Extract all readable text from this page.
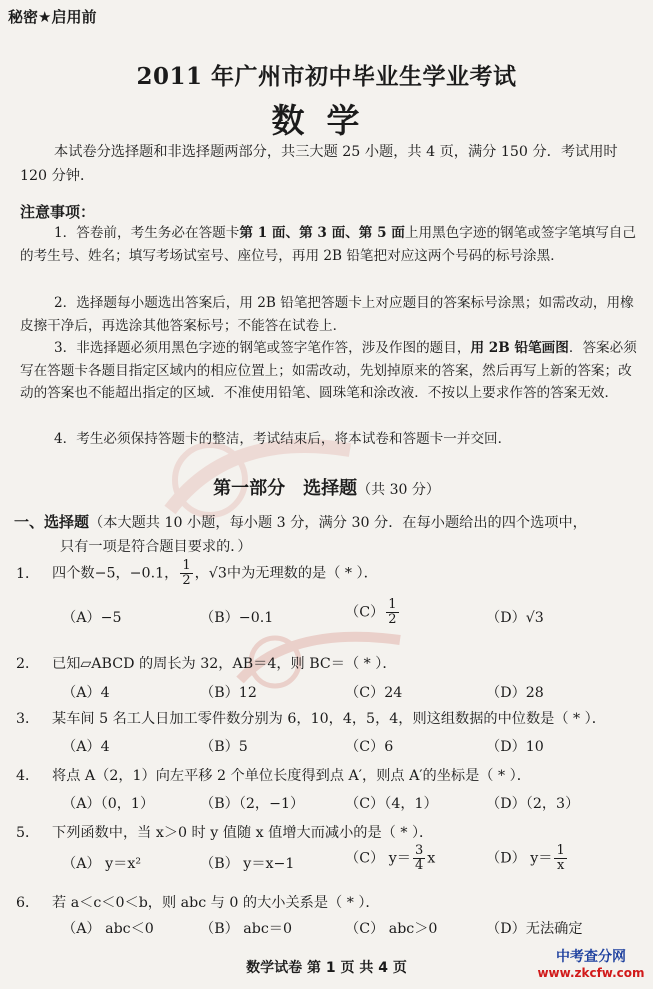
秘密★启用前
2011 年广州市初中毕业生学业考试
数学
本试卷分选择题和非选择题两部分，共三大题 25 小题，共 4 页，满分 150 分．考试用时 120 分钟．
注意事项：
1．答卷前，考生务必在答题卡第 1 面、第 3 面、第 5 面上用黑色字迹的钢笔或签字笔填写自己的考生号、姓名；填写考场试室号、座位号，再用 2B 铅笔把对应这两个号码的标号涂黑．
2．选择题每小题选出答案后，用 2B 铅笔把答题卡上对应题目的答案标号涂黑；如需改动，用橡皮擦干净后，再选涂其他答案标号；不能答在试卷上．
3．非选择题必须用黑色字迹的钢笔或签字笔作答，涉及作图的题目，用 2B 铅笔画图．答案必须写在答题卡各题目指定区域内的相应位置上；如需改动，先划掉原来的答案，然后再写上新的答案；改动的答案也不能超出指定的区域．不准使用铅笔、圆珠笔和涂改液．不按以上要求作答的答案无效．
4．考生必须保持答题卡的整洁，考试结束后，将本试卷和答题卡一并交回．
第一部分　选择题（共 30 分）
一、选择题（本大题共 10 小题，每小题 3 分，满分 30 分．在每小题给出的四个选项中，
只有一项是符合题目要求的．）
1． 四个数−5，−0.1， $\frac{1}{2}$ ，√3中为无理数的是（ * ）．
（A）−5	（B）−0.1	$(C) \frac{1}{2}$	（D）√3
2． 已知▱ABCD 的周长为 32，AB＝4，则 BC＝（ * ）．
（A）4	（B）12	（C）24	（D）28
3． 某车间 5 名工人日加工零件数分别为 6，10，4，5，4，则这组数据的中位数是（ * ）．
（A）4	（B）5	（C）6	（D）10
4． 将点 A（2，1）向左平移 2 个单位长度得到点 A′，则点 A′的坐标是（ * ）．
（A）（0，1）	（B）（2，−1）	（C）（4，1）	（D）（2，3）
5． 下列函数中，当 x＞0 时 y 值随 x 值增大而减小的是（ * ）．
（A） y＝x²	（B） y＝x−1	（C） $y= \frac{3}{4}$ x	（D） $y= \frac{1}{x}$
6． 若 a＜c＜0＜b，则 abc 与 0 的大小关系是（ * ）．
（A） abc＜0	（B） abc＝0	（C） abc＞0	（D）无法确定
数学试卷 第 1 页 共 4 页
中考查分网
www.zkcfw.com
